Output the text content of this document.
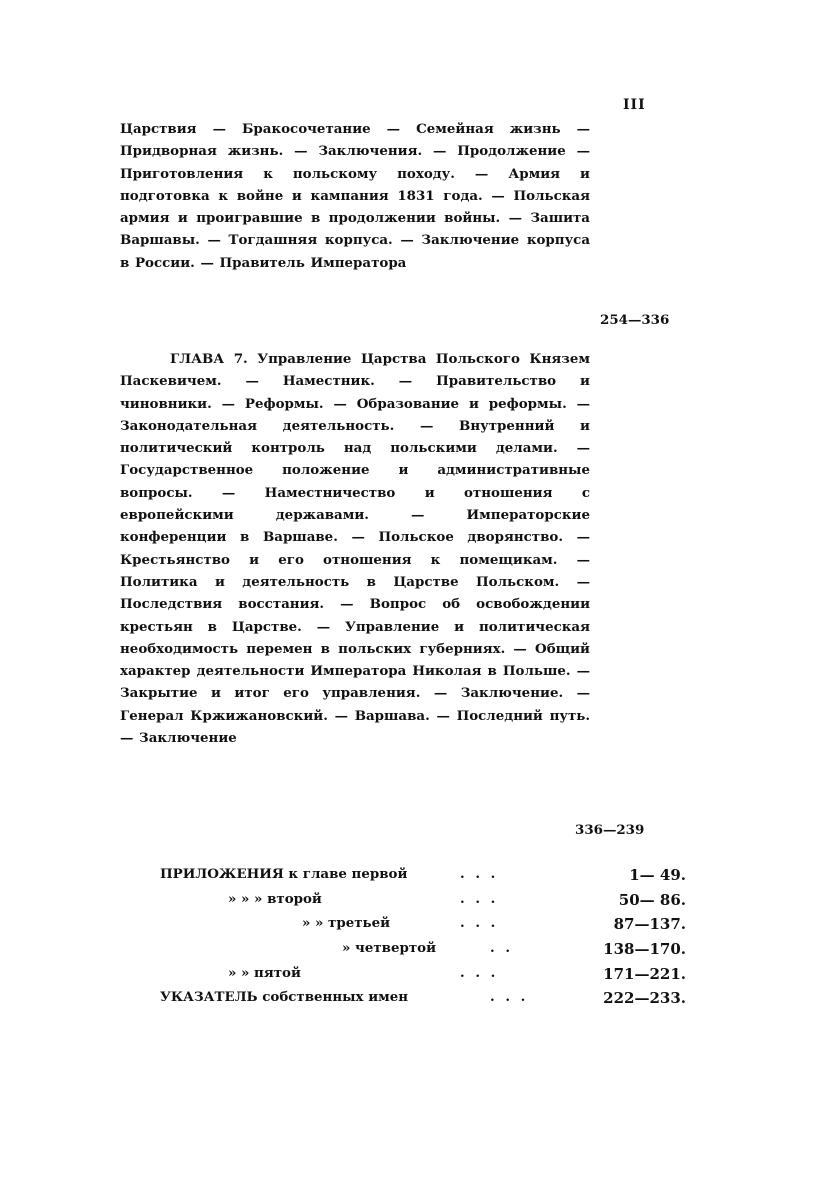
III
Царствия — Бракосочетание — Семейная жизнь — Придворная жизнь. — Заключения. — Продолжение — Приготовления к польскому походу. — Армия и подготовка к войне и кампания 1831 года. — Польская армия и проигравшие в продолжении войны. — Зашита Варшавы. — Тогдашняя корпуса. — Заключение корпуса в России. — Правитель Императора
254—336
ГЛАВА 7. Управление Царства Польского Князем Паскевичем. — Наместник. — Правительство и чиновники. — Реформы. — Образование и реформы. — Законодательная деятельность. — Внутренний и политический контроль над польскими делами. — Государственное положение и административные вопросы. — Наместничество и отношения с европейскими державами. — Императорские конференции в Варшаве. — Польское дворянство. — Крестьянство и его отношения к помещикам. — Политика и деятельность в Царстве Польском. — Последствия восстания. — Вопрос об освобождении крестьян в Царстве. — Управление и политическая необходимость перемен в польских губерниях. — Общий характер деятельности Императора Николая в Польше. — Закрытие и итог его управления. — Заключение. — Генерал Кржижановский. — Варшава. — Последний путь. — Заключение
336—239
ПРИЛОЖЕНИЯ к главе первой	. . .	1— 49.
» » » второй	. . .	50— 86.
» » третьей	. . .	87—137.
» четвертой	. .	138—170.
» » пятой	. . .	171—221.
УКАЗАТЕЛЬ собственных имен	. . .	222—233.
